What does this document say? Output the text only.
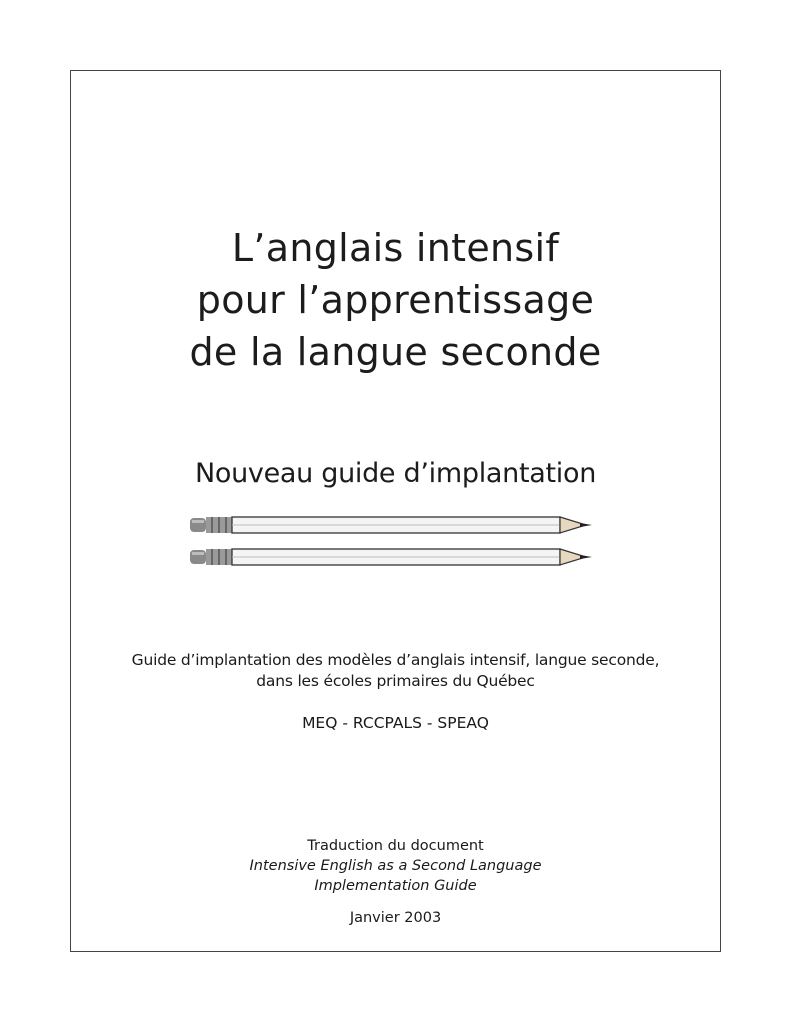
L’anglais intensif
pour l’apprentissage
de la langue seconde
Nouveau guide d’implantation
Guide d’implantation des modèles d’anglais intensif, langue seconde,
dans les écoles primaires du Québec
MEQ - RCCPALS - SPEAQ
Traduction du document
Intensive English as a Second Language
Implementation Guide
Janvier 2003
